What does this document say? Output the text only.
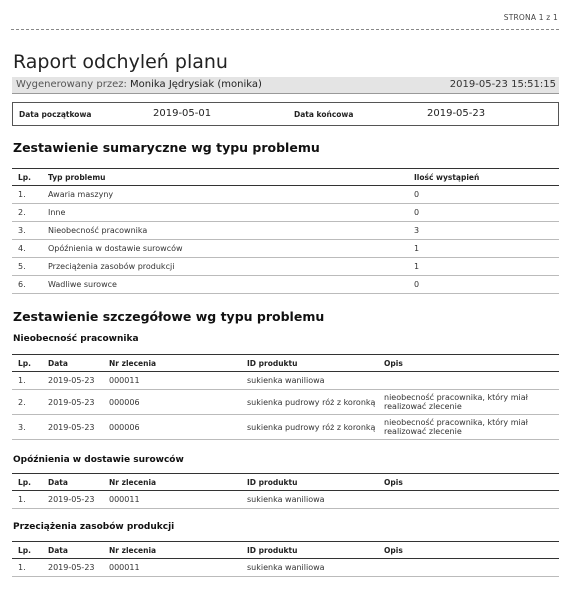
STRONA 1 z 1
Raport odchyleń planu
Wygenerowany przez: Monika Jędrysiak (monika)	2019-05-23 15:51:15
Data początkowa	2019-05-01	Data końcowa	2019-05-23
Zestawienie sumaryczne wg typu problemu
Lp.	Typ problemu	Ilość wystąpień
1.	Awaria maszyny	0
2.	Inne	0
3.	Nieobecność pracownika	3
4.	Opóźnienia w dostawie surowców	1
5.	Przeciążenia zasobów produkcji	1
6.	Wadliwe surowce	0
Zestawienie szczegółowe wg typu problemu
Nieobecność pracownika
Lp.	Data	Nr zlecenia	ID produktu	Opis
1.	2019-05-23	000011	sukienka waniliowa	
2.	2019-05-23	000006	sukienka pudrowy róż z koronką	nieobecność pracownika, który miał realizować zlecenie
3.	2019-05-23	000006	sukienka pudrowy róż z koronką	nieobecność pracownika, który miał realizować zlecenie
Opóźnienia w dostawie surowców
Lp.	Data	Nr zlecenia	ID produktu	Opis
1.	2019-05-23	000011	sukienka waniliowa	
Przeciążenia zasobów produkcji
Lp.	Data	Nr zlecenia	ID produktu	Opis
1.	2019-05-23	000011	sukienka waniliowa	
